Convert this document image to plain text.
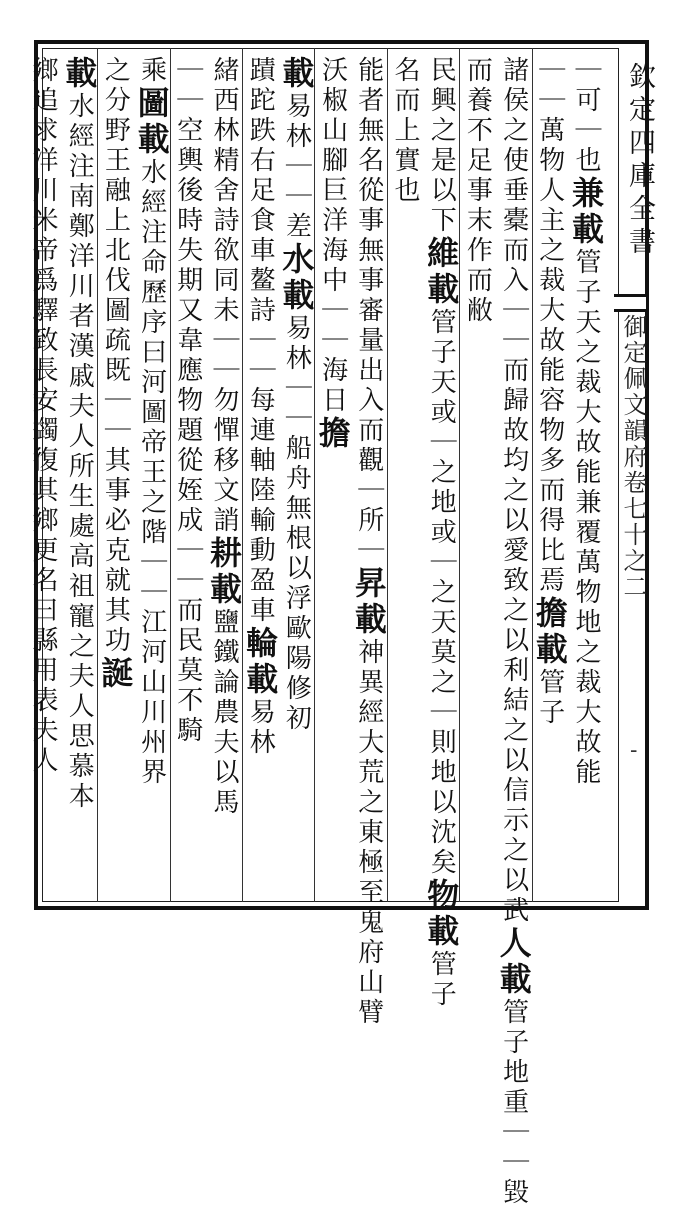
欽定四庫全書
御定佩文韻府卷七十之二
-
｜可｜也兼載管子天之裁大故能兼覆萬物地之裁大故能
｜｜萬物人主之裁大故能容物多而得比焉擔載管子
諸侯之使垂橐而入｜｜而歸故均之以愛致之以利結之以信示之以武人載管子地重｜｜毀
而養不足事末作而敝
民興之是以下維載管子天或｜之地或｜之天莫之｜則地以沈矣物載管子
名而上實也
能者無名從事無事審量出入而觀｜所｜昇載神異經大荒之東極至鬼府山臂
沃椒山腳巨洋海中｜｜海日擔
載易林｜｜差水載易林｜｜船舟無根以浮歐陽修初
蹟跎跌右足食車鳌詩｜｜每連軸陸輸動盈車輪載易林
緒西林精舍詩欲同未｜｜勿憚移文誚耕載鹽鐵論農夫以馬
｜｜空輿後時失期又韋應物題從姪成｜｜而民莫不騎
乘圖載水經注命歷序曰河圖帝王之階｜｜江河山川州界
之分野王融上北伐圖疏既｜｜其事必克就其功誕
載水經注南鄭洋川者漢戚夫人所生處高祖寵之夫人思慕本
鄉追求洋川米帝爲驛致長安蠲復其鄉更名曰縣用表夫人
